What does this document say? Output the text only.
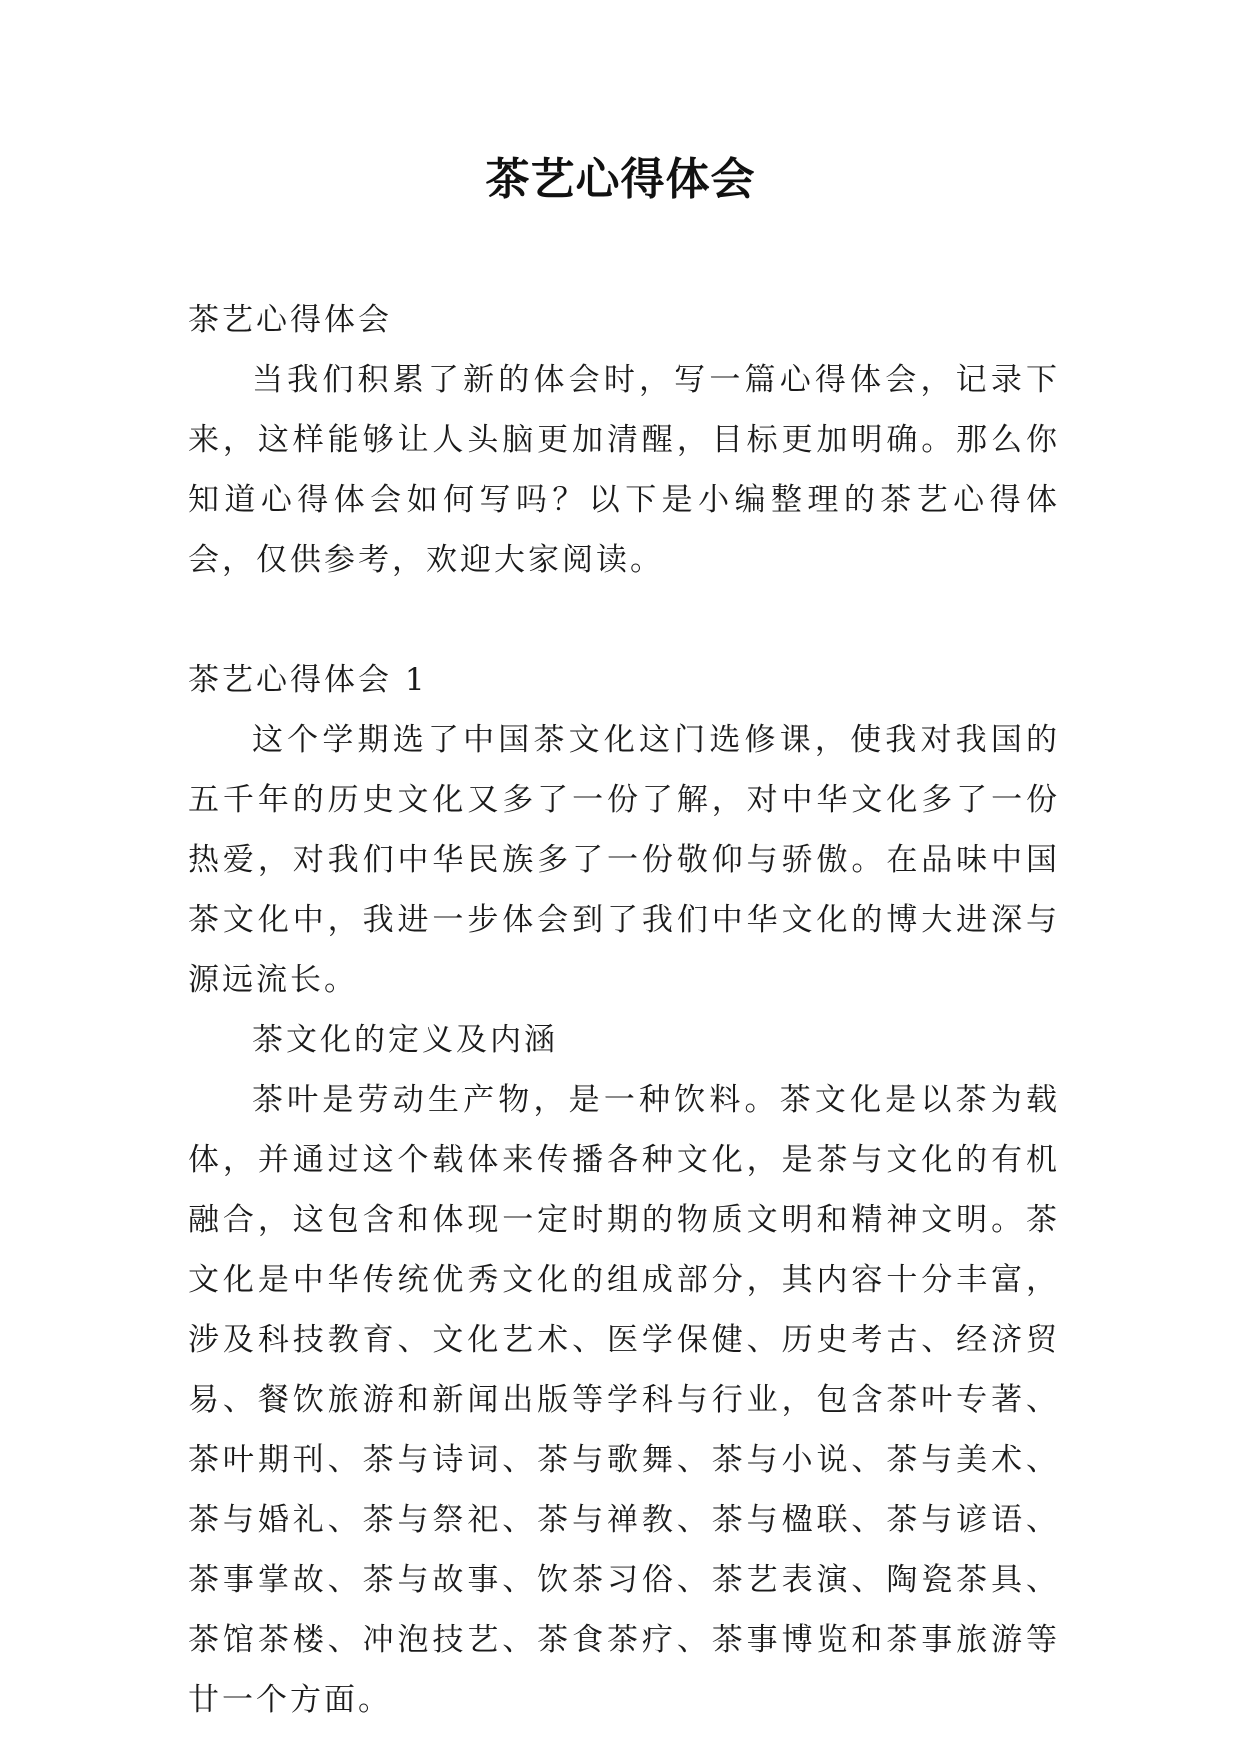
茶艺心得体会

茶艺心得体会

当我们积累了新的体会时，写一篇心得体会，记录下来，这样能够让人头脑更加清醒，目标更加明确。那么你知道心得体会如何写吗？以下是小编整理的茶艺心得体会，仅供参考，欢迎大家阅读。

茶艺心得体会 1

这个学期选了中国茶文化这门选修课，使我对我国的五千年的历史文化又多了一份了解，对中华文化多了一份热爱，对我们中华民族多了一份敬仰与骄傲。在品味中国茶文化中，我进一步体会到了我们中华文化的博大进深与源远流长。

茶文化的定义及内涵

茶叶是劳动生产物，是一种饮料。茶文化是以茶为载体，并通过这个载体来传播各种文化，是茶与文化的有机融合，这包含和体现一定时期的物质文明和精神文明。茶文化是中华传统优秀文化的组成部分，其内容十分丰富，涉及科技教育、文化艺术、医学保健、历史考古、经济贸易、餐饮旅游和新闻出版等学科与行业，包含茶叶专著、茶叶期刊、茶与诗词、茶与歌舞、茶与小说、茶与美术、茶与婚礼、茶与祭祀、茶与禅教、茶与楹联、茶与谚语、茶事掌故、茶与故事、饮茶习俗、茶艺表演、陶瓷茶具、茶馆茶楼、冲泡技艺、茶食茶疗、茶事博览和茶事旅游等廿一个方面。
